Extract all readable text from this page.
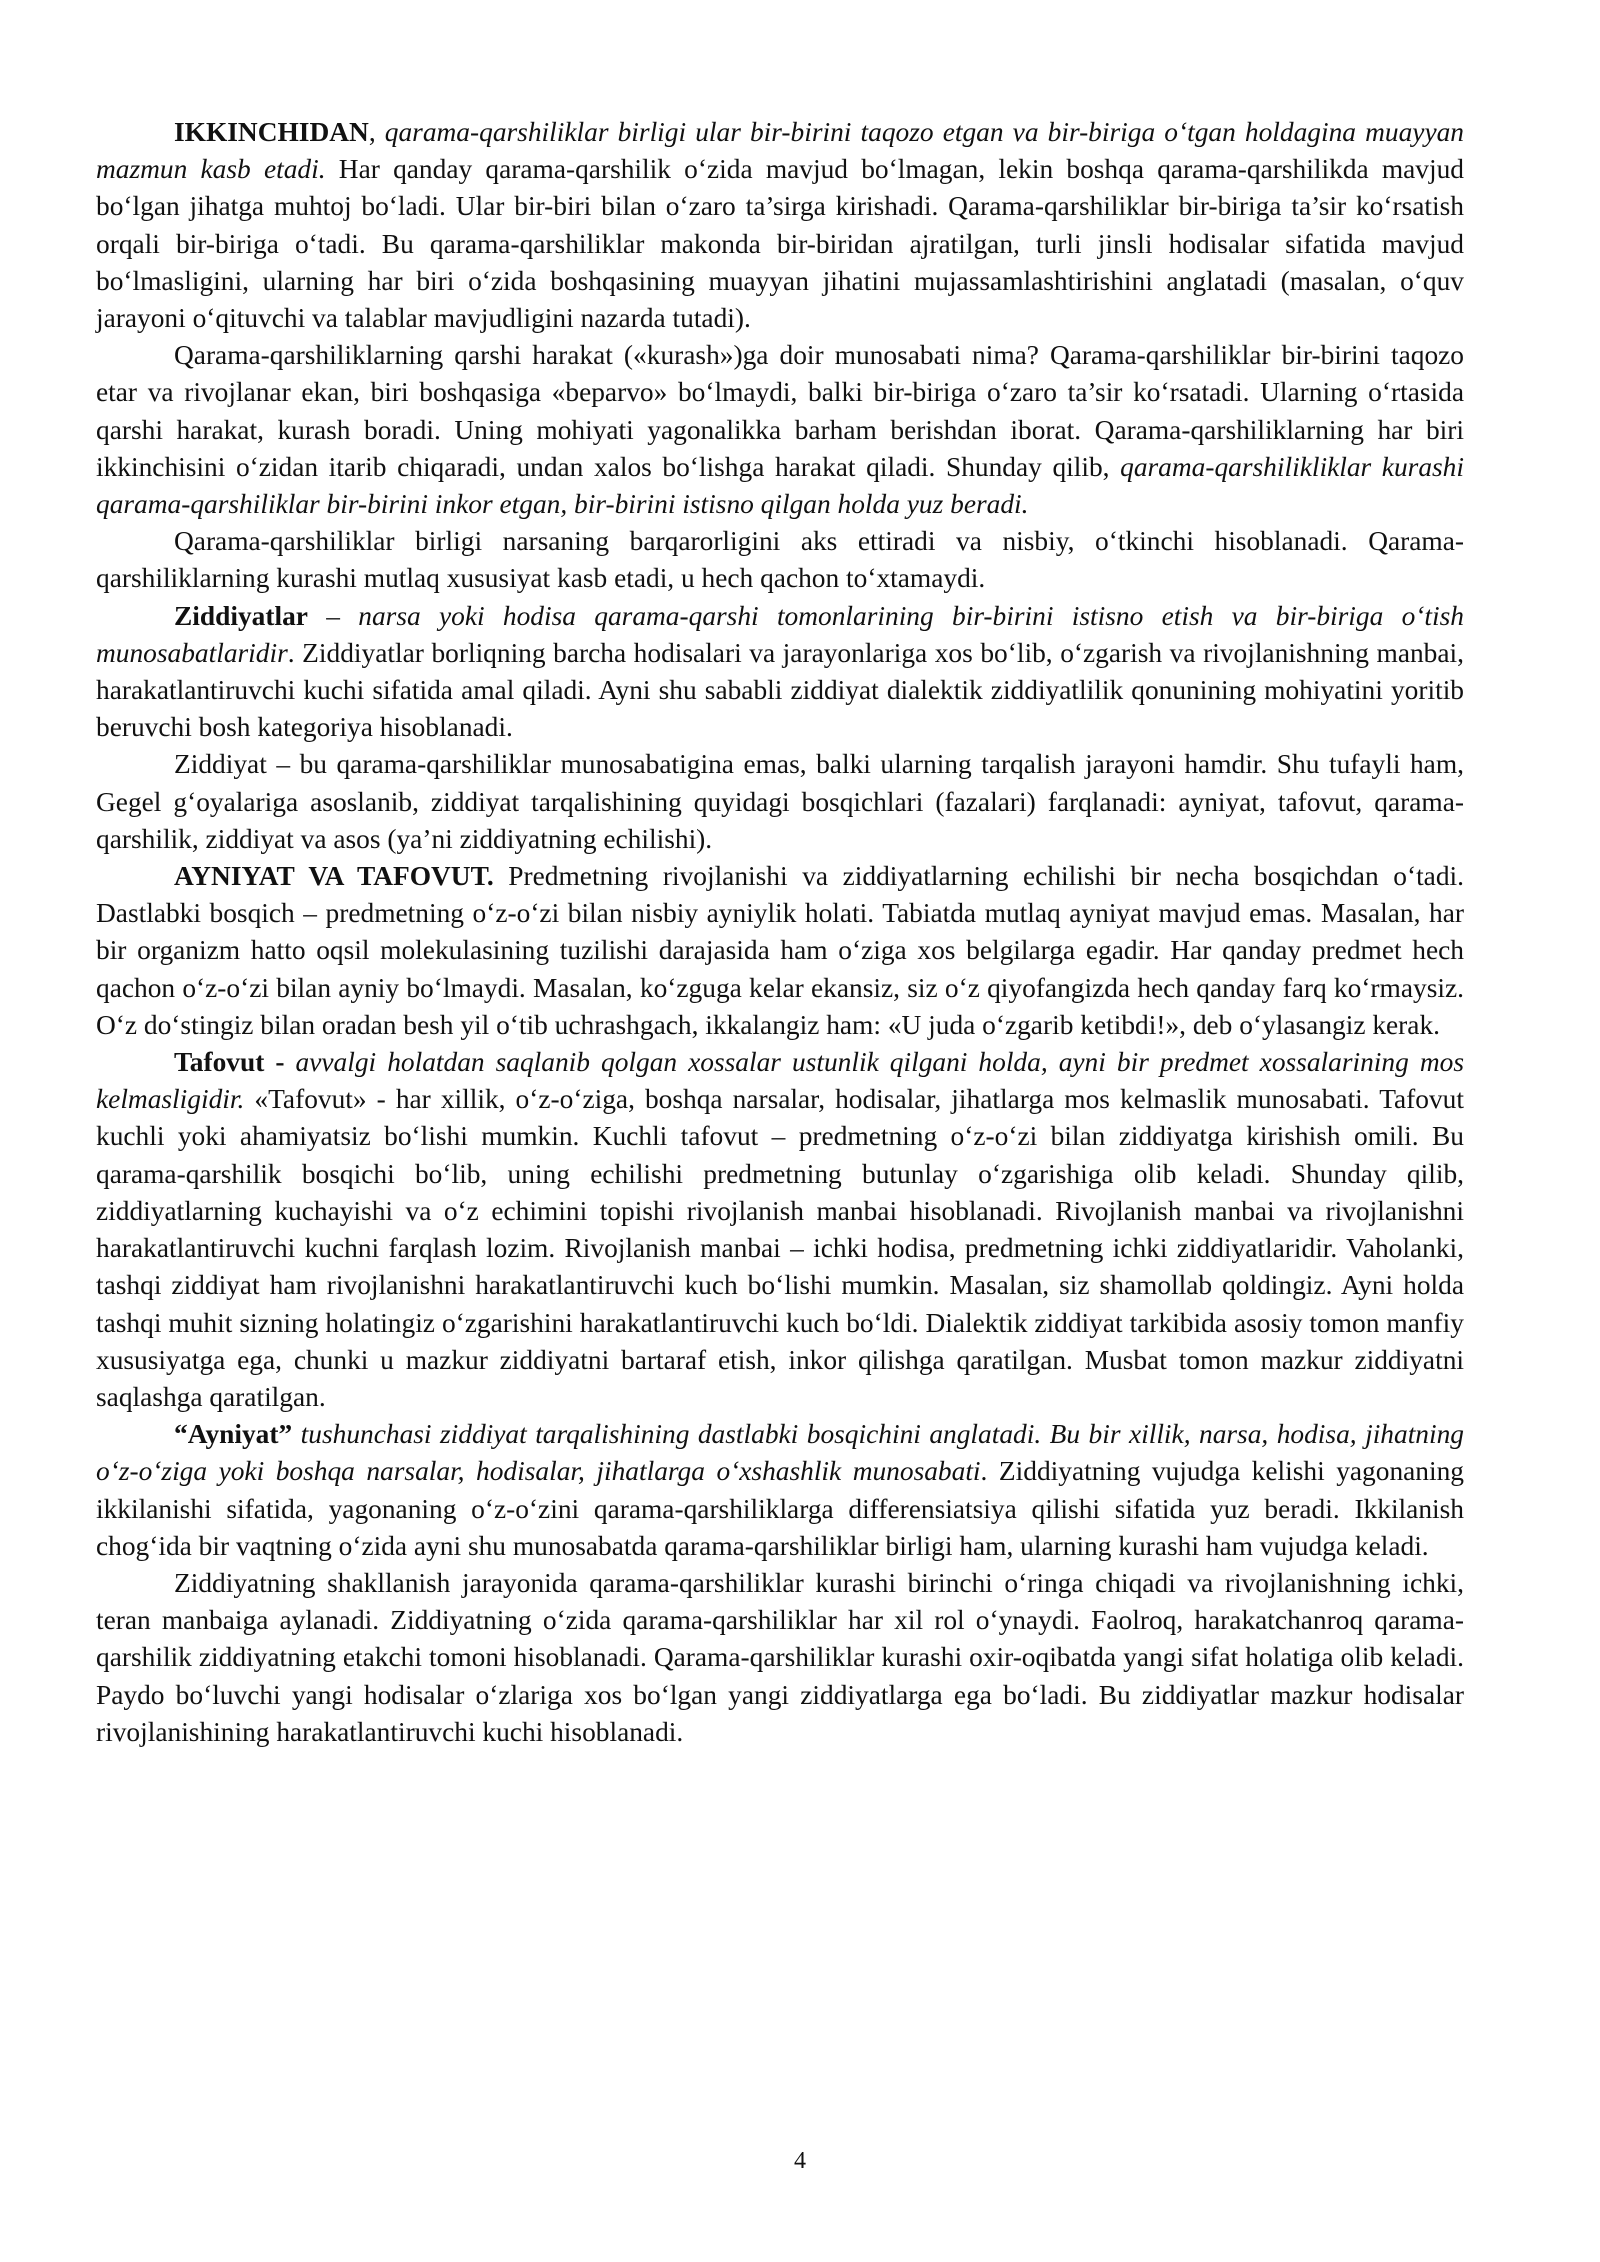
IKKINCHIDAN, qarama-qarshiliklar birligi ular bir-birini taqozo etgan va bir-biriga o‘tgan holdagina muayyan mazmun kasb etadi. Har qanday qarama-qarshilik o‘zida mavjud bo‘lmagan, lekin boshqa qarama-qarshilikda mavjud bo‘lgan jihatga muhtoj bo‘ladi. Ular bir-biri bilan o‘zaro ta’sirga kirishadi. Qarama-qarshiliklar bir-biriga ta’sir ko‘rsatish orqali bir-biriga o‘tadi. Bu qarama-qarshiliklar makonda bir-biridan ajratilgan, turli jinsli hodisalar sifatida mavjud bo‘lmasligini, ularning har biri o‘zida boshqasining muayyan jihatini mujassamlashtirishini anglatadi (masalan, o‘quv jarayoni o‘qituvchi va talablar mavjudligini nazarda tutadi).

Qarama-qarshiliklarning qarshi harakat («kurash»)ga doir munosabati nima? Qarama-qarshiliklar bir-birini taqozo etar va rivojlanar ekan, biri boshqasiga «beparvo» bo‘lmaydi, balki bir-biriga o‘zaro ta’sir ko‘rsatadi. Ularning o‘rtasida qarshi harakat, kurash boradi. Uning mohiyati yagonalikka barham berishdan iborat. Qarama-qarshiliklarning har biri ikkinchisini o‘zidan itarib chiqaradi, undan xalos bo‘lishga harakat qiladi. Shunday qilib, qarama-qarshilikliklar kurashi qarama-qarshiliklar bir-birini inkor etgan, bir-birini istisno qilgan holda yuz beradi.

Qarama-qarshiliklar birligi narsaning barqarorligini aks ettiradi va nisbiy, o‘tkinchi hisoblanadi. Qarama-qarshiliklarning kurashi mutlaq xususiyat kasb etadi, u hech qachon to‘xtamaydi.

Ziddiyatlar – narsa yoki hodisa qarama-qarshi tomonlarining bir-birini istisno etish va bir-biriga o‘tish munosabatlaridir. Ziddiyatlar borliqning barcha hodisalari va jarayonlariga xos bo‘lib, o‘zgarish va rivojlanishning manbai, harakatlantiruvchi kuchi sifatida amal qiladi. Ayni shu sababli ziddiyat dialektik ziddiyatlilik qonunining mohiyatini yoritib beruvchi bosh kategoriya hisoblanadi.

Ziddiyat – bu qarama-qarshiliklar munosabatigina emas, balki ularning tarqalish jarayoni hamdir. Shu tufayli ham, Gegel g‘oyalariga asoslanib, ziddiyat tarqalishining quyidagi bosqichlari (fazalari) farqlanadi: ayniyat, tafovut, qarama-qarshilik, ziddiyat va asos (ya’ni ziddiyatning echilishi).

AYNIYAT VA TAFOVUT. Predmetning rivojlanishi va ziddiyatlarning echilishi bir necha bosqichdan o‘tadi. Dastlabki bosqich – predmetning o‘z-o‘zi bilan nisbiy ayniylik holati. Tabiatda mutlaq ayniyat mavjud emas. Masalan, har bir organizm hatto oqsil molekulasining tuzilishi darajasida ham o‘ziga xos belgilarga egadir. Har qanday predmet hech qachon o‘z-o‘zi bilan ayniy bo‘lmaydi. Masalan, ko‘zguga kelar ekansiz, siz o‘z qiyofangizda hech qanday farq ko‘rmaysiz. O‘z do‘stingiz bilan oradan besh yil o‘tib uchrashgach, ikkalangiz ham: «U juda o‘zgarib ketibdi!», deb o‘ylasangiz kerak.

Tafovut - avvalgi holatdan saqlanib qolgan xossalar ustunlik qilgani holda, ayni bir predmet xossalarining mos kelmasligidir. «Tafovut» - har xillik, o‘z-o‘ziga, boshqa narsalar, hodisalar, jihatlarga mos kelmaslik munosabati. Tafovut kuchli yoki ahamiyatsiz bo‘lishi mumkin. Kuchli tafovut – predmetning o‘z-o‘zi bilan ziddiyatga kirishish omili. Bu qarama-qarshilik bosqichi bo‘lib, uning echilishi predmetning butunlay o‘zgarishiga olib keladi. Shunday qilib, ziddiyatlarning kuchayishi va o‘z echimini topishi rivojlanish manbai hisoblanadi. Rivojlanish manbai va rivojlanishni harakatlantiruvchi kuchni farqlash lozim. Rivojlanish manbai – ichki hodisa, predmetning ichki ziddiyatlaridir. Vaholanki, tashqi ziddiyat ham rivojlanishni harakatlantiruvchi kuch bo‘lishi mumkin. Masalan, siz shamollab qoldingiz. Ayni holda tashqi muhit sizning holatingiz o‘zgarishini harakatlantiruvchi kuch bo‘ldi. Dialektik ziddiyat tarkibida asosiy tomon manfiy xususiyatga ega, chunki u mazkur ziddiyatni bartaraf etish, inkor qilishga qaratilgan. Musbat tomon mazkur ziddiyatni saqlashga qaratilgan.

“Ayniyat” tushunchasi ziddiyat tarqalishining dastlabki bosqichini anglatadi. Bu bir xillik, narsa, hodisa, jihatning o‘z-o‘ziga yoki boshqa narsalar, hodisalar, jihatlarga o‘xshashlik munosabati. Ziddiyatning vujudga kelishi yagonaning ikkilanishi sifatida, yagonaning o‘z-o‘zini qarama-qarshiliklarga differensiatsiya qilishi sifatida yuz beradi. Ikkilanish chog‘ida bir vaqtning o‘zida ayni shu munosabatda qarama-qarshiliklar birligi ham, ularning kurashi ham vujudga keladi.

Ziddiyatning shakllanish jarayonida qarama-qarshiliklar kurashi birinchi o‘ringa chiqadi va rivojlanishning ichki, teran manbaiga aylanadi. Ziddiyatning o‘zida qarama-qarshiliklar har xil rol o‘ynaydi. Faolroq, harakatchanroq qarama-qarshilik ziddiyatning etakchi tomoni hisoblanadi. Qarama-qarshiliklar kurashi oxir-oqibatda yangi sifat holatiga olib keladi. Paydo bo‘luvchi yangi hodisalar o‘zlariga xos bo‘lgan yangi ziddiyatlarga ega bo‘ladi. Bu ziddiyatlar mazkur hodisalar rivojlanishining harakatlantiruvchi kuchi hisoblanadi.

4
